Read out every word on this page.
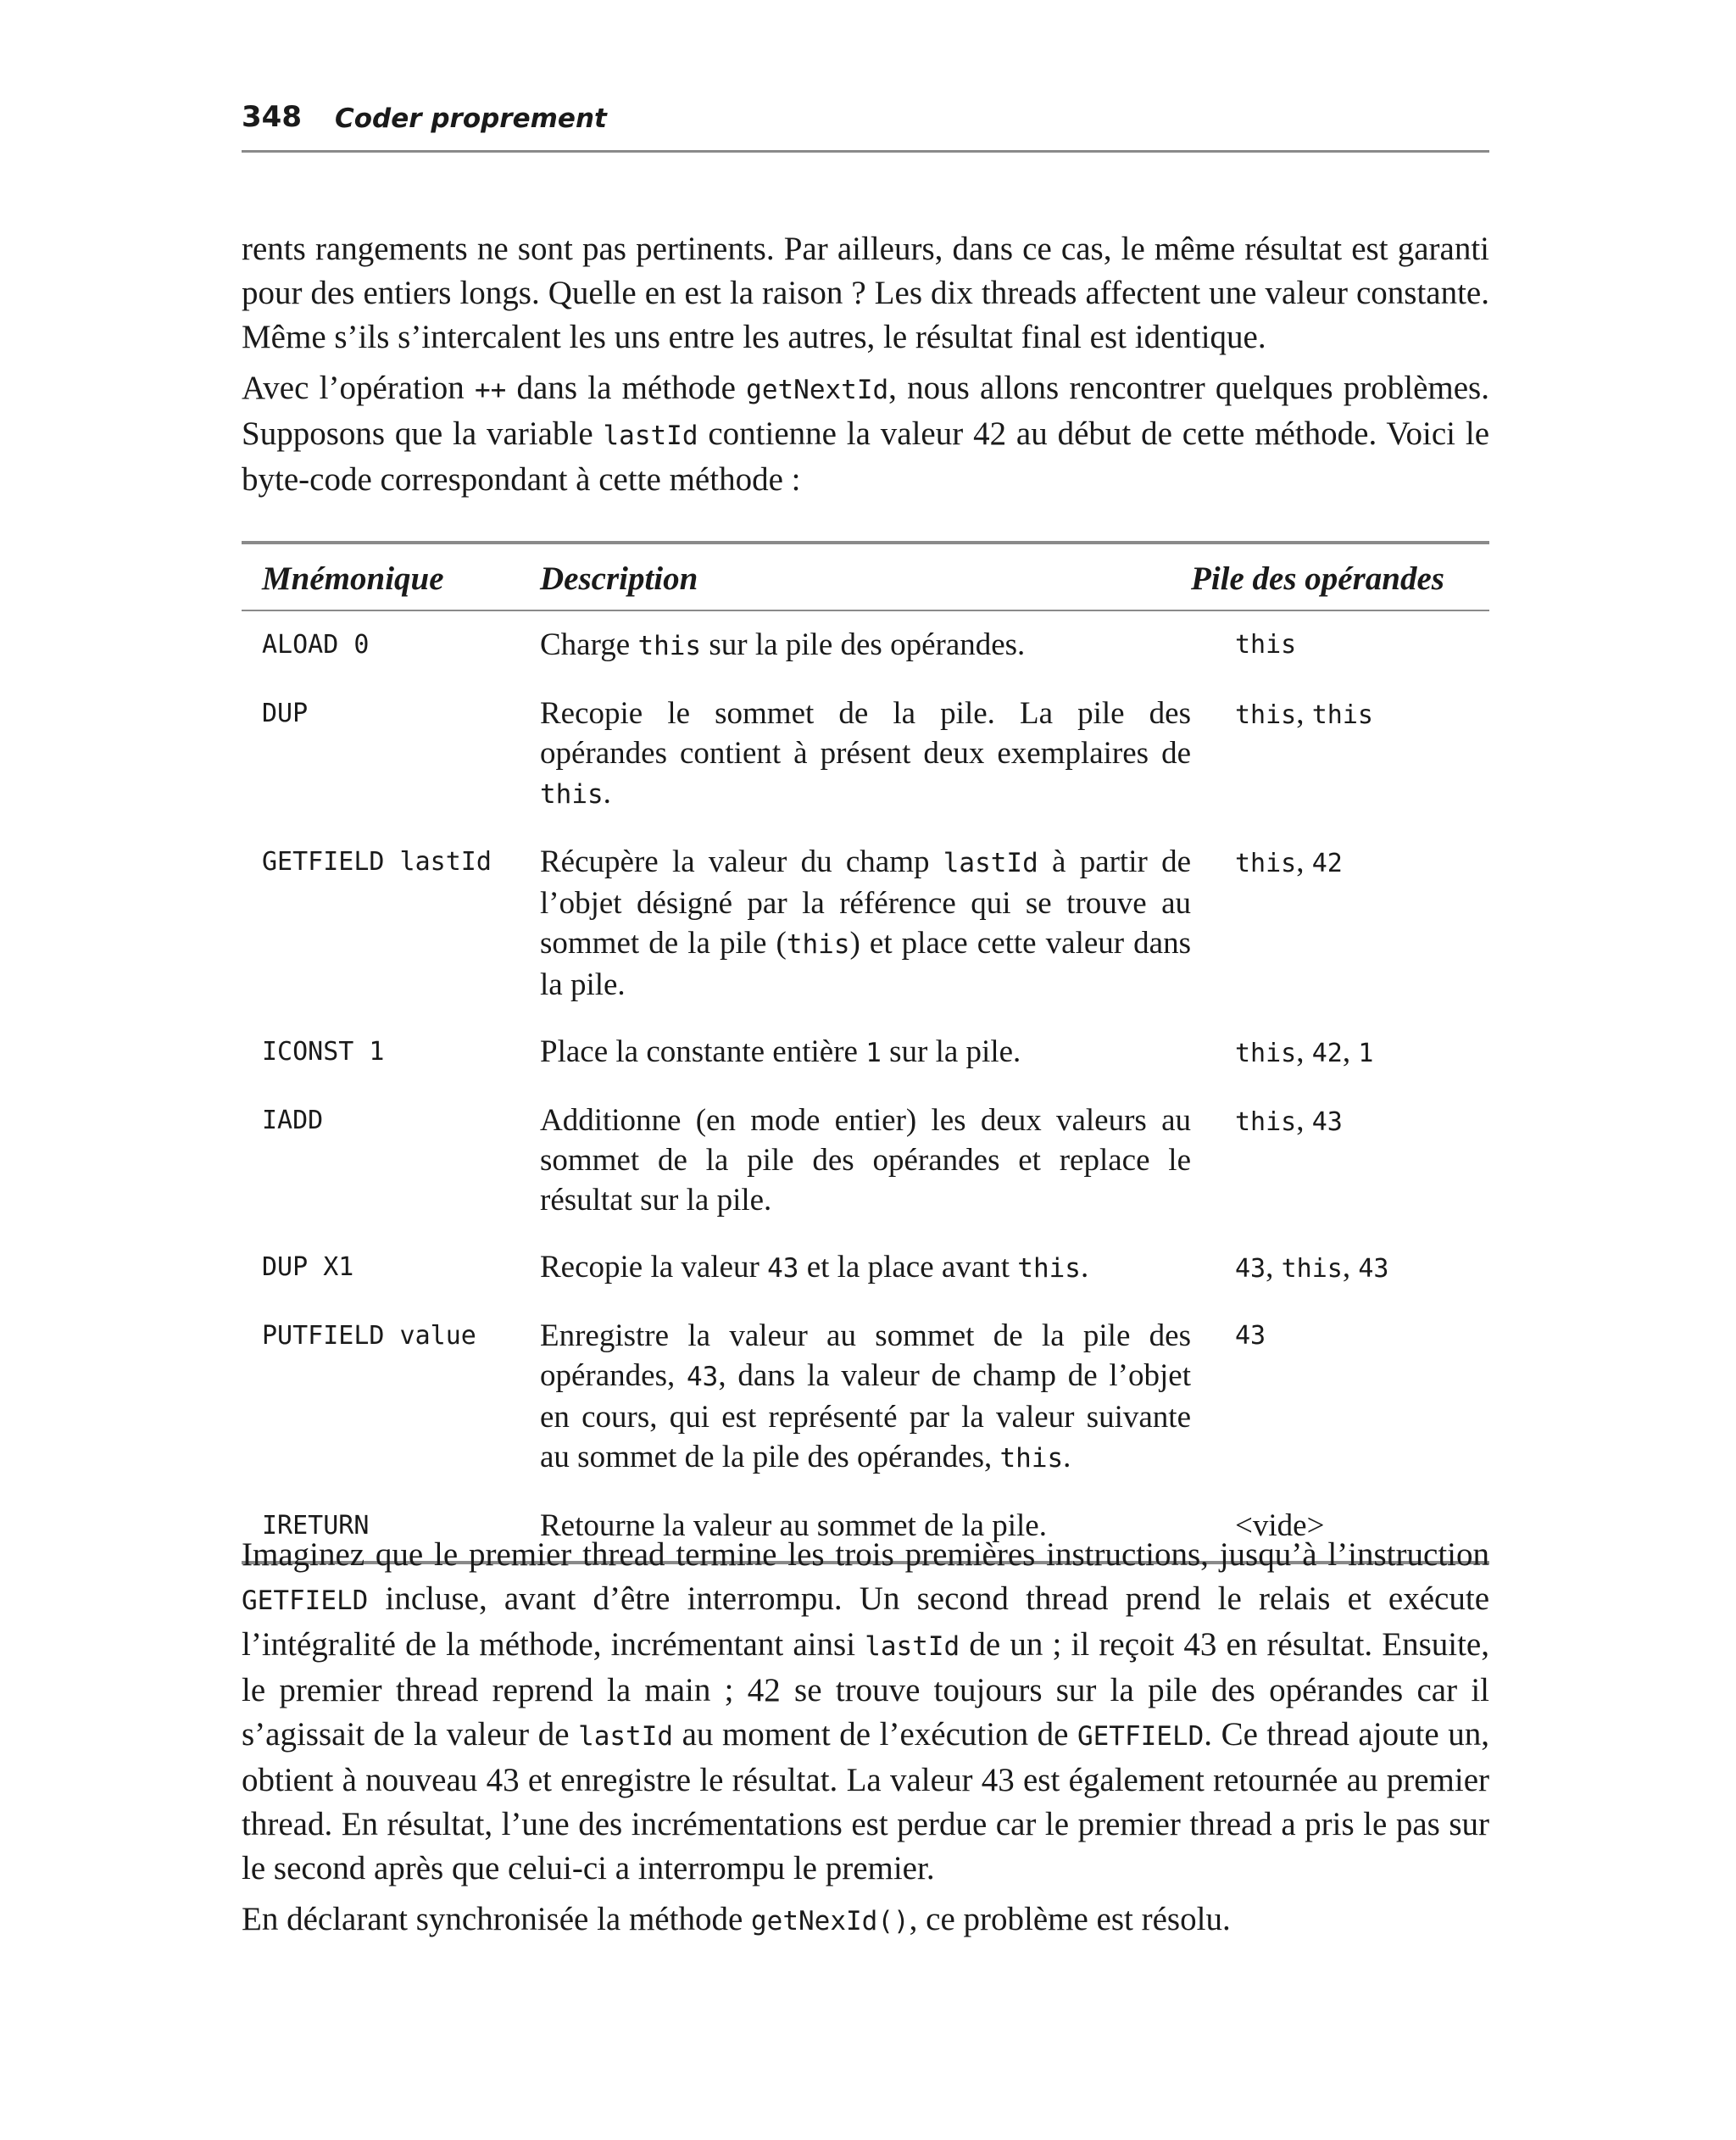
348 Coder proprement

rents rangements ne sont pas pertinents. Par ailleurs, dans ce cas, le même résultat est garanti pour des entiers longs. Quelle en est la raison ? Les dix threads affectent une valeur constante. Même s’ils s’intercalent les uns entre les autres, le résultat final est identique.

Avec l’opération ++ dans la méthode getNextId, nous allons rencontrer quelques problèmes. Supposons que la variable lastId contienne la valeur 42 au début de cette méthode. Voici le byte-code correspondant à cette méthode :

Mnémonique	Description	Pile des opérandes
ALOAD 0	Charge this sur la pile des opérandes.	this
DUP	Recopie le sommet de la pile. La pile des opérandes contient à présent deux exemplaires de this.	this, this
GETFIELD lastId	Récupère la valeur du champ lastId à partir de l’objet désigné par la référence qui se trouve au sommet de la pile (this) et place cette valeur dans la pile.	this, 42
ICONST 1	Place la constante entière 1 sur la pile.	this, 42, 1
IADD	Additionne (en mode entier) les deux valeurs au sommet de la pile des opérandes et replace le résultat sur la pile.	this, 43
DUP X1	Recopie la valeur 43 et la place avant this.	43, this, 43
PUTFIELD value	Enregistre la valeur au sommet de la pile des opérandes, 43, dans la valeur de champ de l’objet en cours, qui est représenté par la valeur suivante au sommet de la pile des opérandes, this.	43
IRETURN	Retourne la valeur au sommet de la pile.	<vide>

Imaginez que le premier thread termine les trois premières instructions, jusqu’à l’instruction GETFIELD incluse, avant d’être interrompu. Un second thread prend le relais et exécute l’intégralité de la méthode, incrémentant ainsi lastId de un ; il reçoit 43 en résultat. Ensuite, le premier thread reprend la main ; 42 se trouve toujours sur la pile des opérandes car il s’agissait de la valeur de lastId au moment de l’exécution de GETFIELD. Ce thread ajoute un, obtient à nouveau 43 et enregistre le résultat. La valeur 43 est également retournée au premier thread. En résultat, l’une des incrémentations est perdue car le premier thread a pris le pas sur le second après que celui-ci a interrompu le premier.

En déclarant synchronisée la méthode getNexId(), ce problème est résolu.
